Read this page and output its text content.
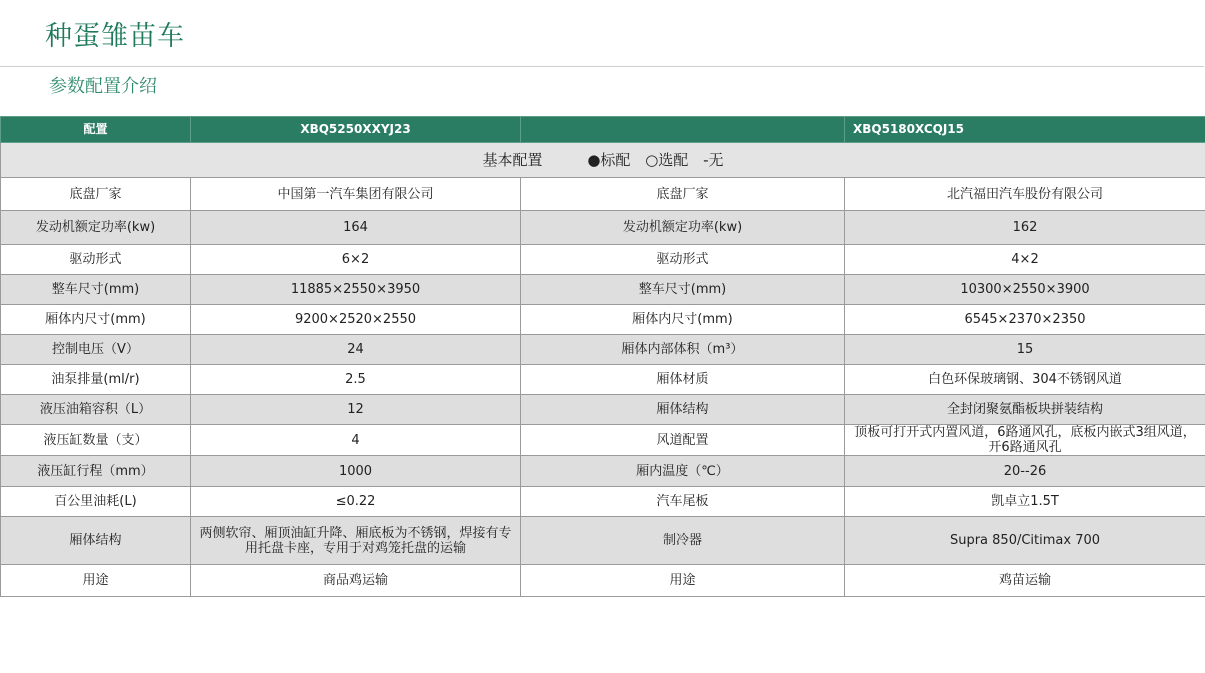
种蛋雏苗车
参数配置介绍
配置	XBQ5250XXYJ23		XBQ5180XCQJ15
基本配置 ●标配 ○选配 -无			
底盘厂家	中国第一汽车集团有限公司	底盘厂家	北汽福田汽车股份有限公司
发动机额定功率(kw)	164	发动机额定功率(kw)	162
驱动形式	6×2	驱动形式	4×2
整车尺寸(mm)	11885×2550×3950	整车尺寸(mm)	10300×2550×3900
厢体内尺寸(mm)	9200×2520×2550	厢体内尺寸(mm)	6545×2370×2350
控制电压（V）	24	厢体内部体积（m³）	15
油泵排量(ml/r)	2.5	厢体材质	白色环保玻璃钢、304不锈钢风道
液压油箱容积（L）	12	厢体结构	全封闭聚氨酯板块拼装结构
液压缸数量（支）	4	风道配置	顶板可打开式内置风道，6路通风孔，底板内嵌式3组风道，开6路通风孔
液压缸行程（mm）	1000	厢内温度（℃）	20--26
百公里油耗(L)	≤0.22	汽车尾板	凯卓立1.5T
厢体结构	两侧软帘、厢顶油缸升降、厢底板为不锈钢，焊接有专用托盘卡座，专用于对鸡笼托盘的运输	制冷器	Supra 850/Citimax 700
用途	商品鸡运输	用途	鸡苗运输
